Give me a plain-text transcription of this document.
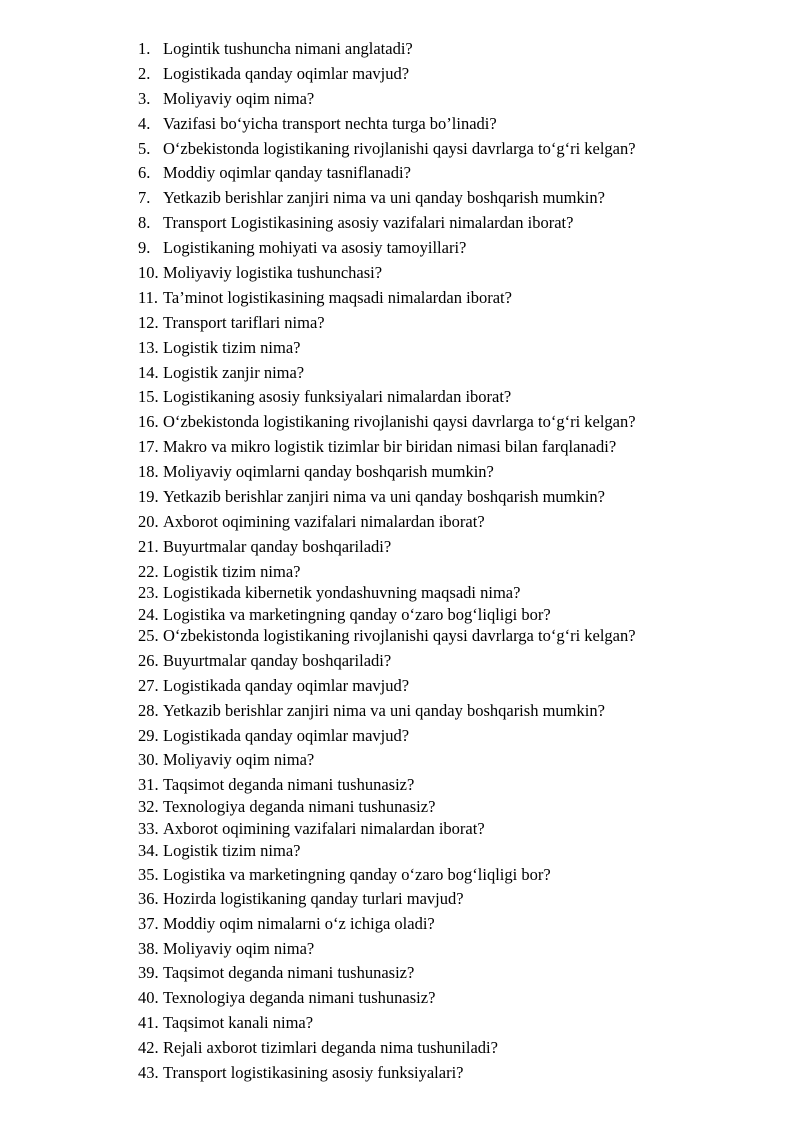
1. Logintik tushuncha nimani anglatadi?
2. Logistikada qanday oqimlar mavjud?
3. Moliyaviy oqim nima?
4. Vazifasi bo‘yicha transport nechta turga bo’linadi?
5. O‘zbekistonda logistikaning rivojlanishi qaysi davrlarga to‘g‘ri kelgan?
6. Moddiy oqimlar qanday tasniflanadi?
7. Yetkazib berishlar zanjiri nima va uni qanday boshqarish mumkin?
8. Transport Logistikasining asosiy vazifalari nimalardan iborat?
9. Logistikaning mohiyati va asosiy tamoyillari?
10. Moliyaviy logistika tushunchasi?
11. Ta’minot logistikasining maqsadi nimalardan iborat?
12. Transport tariflari nima?
13. Logistik tizim nima?
14. Logistik zanjir nima?
15. Logistikaning asosiy funksiyalari nimalardan iborat?
16. O‘zbekistonda logistikaning rivojlanishi qaysi davrlarga to‘g‘ri kelgan?
17. Makro va mikro logistik tizimlar bir biridan nimasi bilan farqlanadi?
18. Moliyaviy oqimlarni qanday boshqarish mumkin?
19. Yetkazib berishlar zanjiri nima va uni qanday boshqarish mumkin?
20. Axborot oqimining vazifalari nimalardan iborat?
21. Buyurtmalar qanday boshqariladi?
22. Logistik tizim nima?
23. Logistikada kibernetik yondashuvning maqsadi nima?
24. Logistika va marketingning qanday o‘zaro bog‘liqligi bor?
25. O‘zbekistonda logistikaning rivojlanishi qaysi davrlarga to‘g‘ri kelgan?
26. Buyurtmalar qanday boshqariladi?
27. Logistikada qanday oqimlar mavjud?
28. Yetkazib berishlar zanjiri nima va uni qanday boshqarish mumkin?
29. Logistikada qanday oqimlar mavjud?
30. Moliyaviy oqim nima?
31. Taqsimot deganda nimani tushunasiz?
32. Texnologiya deganda nimani tushunasiz?
33. Axborot oqimining vazifalari nimalardan iborat?
34. Logistik tizim nima?
35. Logistika va marketingning qanday o‘zaro bog‘liqligi bor?
36. Hozirda logistikaning qanday turlari mavjud?
37. Moddiy oqim nimalarni o‘z ichiga oladi?
38. Moliyaviy oqim nima?
39. Taqsimot deganda nimani tushunasiz?
40. Texnologiya deganda nimani tushunasiz?
41. Taqsimot kanali nima?
42. Rejali axborot tizimlari deganda nima tushuniladi?
43. Transport logistikasining asosiy funksiyalari?
